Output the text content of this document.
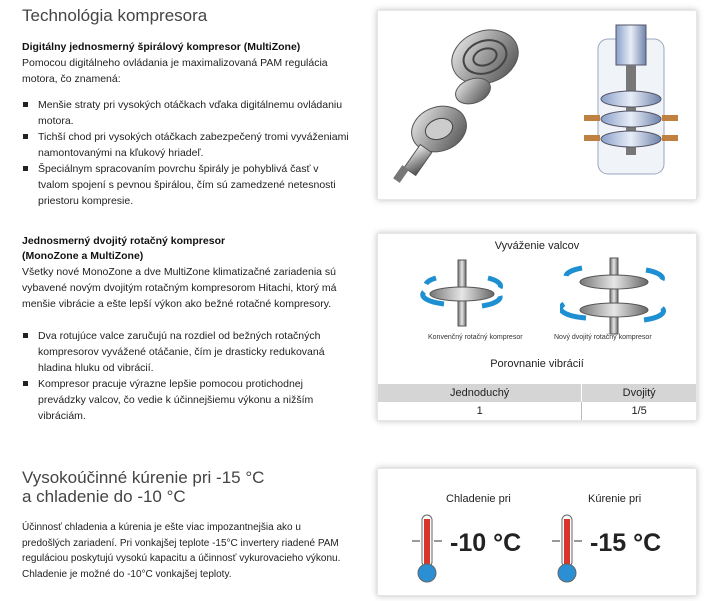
Technológia kompresora
Digitálny jednosmerný špirálový kompresor (MultiZone)
Pomocou digitálneho ovládania je maximalizovaná PAM regulácia motora, čo znamená:
Menšie straty pri vysokých otáčkach vďaka digitálnemu ovládaniu motora.
Tichší chod pri vysokých otáčkach zabezpečený tromi vyváženiami namontovanými na kľukový hriadeľ.
Špeciálnym spracovaním povrchu špirály je pohyblivá časť v tvalom spojení s pevnou špirálou, čím sú zamedzené netesnosti priestoru kompresie.
Jednosmerný dvojitý rotačný kompresor (MonoZone a MultiZone)
Všetky nové MonoZone a dve MultiZone klimatizačné zariadenia sú vybavené novým dvojitým rotačným kompresorom Hitachi, ktorý má menšie vibrácie a ešte lepší výkon ako bežné rotačné kompresory.
Dva rotujúce valce zaručujú na rozdiel od bežných rotačných kompresorov vyvážené otáčanie, čím je drasticky redukovaná hladina hluku od vibrácií.
Kompresor pracuje výrazne lepšie pomocou protichodnej prevádzky valcov, čo vedie k účinnejšiemu výkonu a nižším vibráciám.
Vysokoúčinné kúrenie pri -15 °C
a chladenie do -10 °C
Účinnosť chladenia a kúrenia je ešte viac impozantnejšia ako u predošlých zariadení. Pri vonkajšej teplote -15°C invertery riadené PAM reguláciou poskytujú vysokú kapacitu a účinnosť vykurovacieho výkonu. Chladenie je možné do -10°C vonkajšej teploty.
Vyváženie valcov
Konvenčný rotačný kompresor	Nový dvojitý rotačný kompresor
Porovnanie vibrácií
Jednoduchý	Dvojitý
1	1/5
Chladenie pri	Kúrenie pri
-10 °C	-15 °C
